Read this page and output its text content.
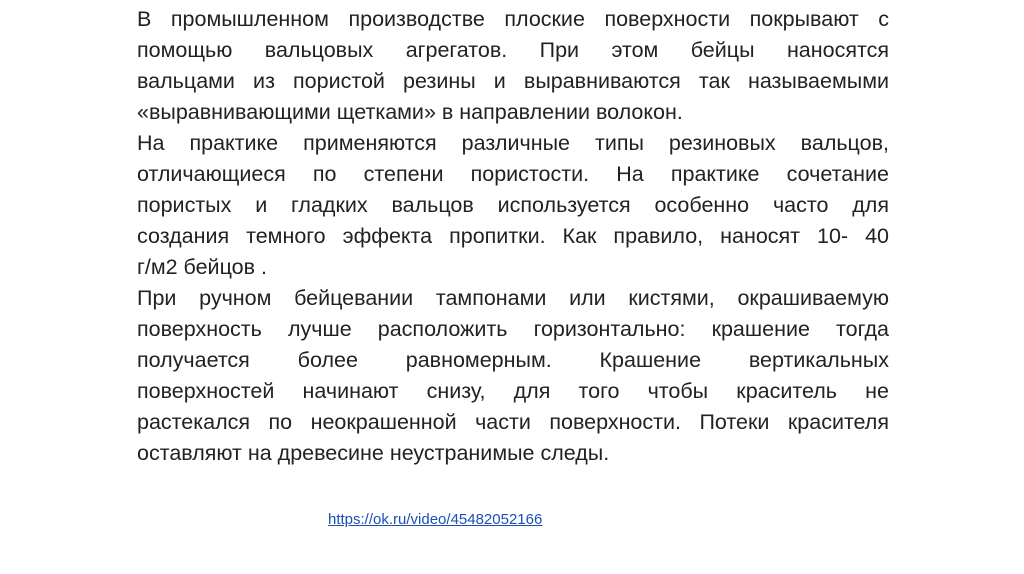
В промышленном производстве плоские поверхности покрывают с
помощью вальцовых агрегатов. При этом бейцы наносятся
вальцами из пористой резины и выравниваются так называемыми
«выравнивающими щетками» в направлении волокон.

На практике применяются различные типы резиновых вальцов,
отличающиеся по степени пористости. На практике сочетание
пористых и гладких вальцов используется особенно часто для
создания темного эффекта пропитки. Как правило, наносят 10- 40
г/м2 бейцов .

При ручном бейцевании тампонами или кистями, окрашиваемую
поверхность лучше расположить горизонтально: крашение тогда
получается более равномерным. Крашение вертикальных
поверхностей начинают снизу, для того чтобы краситель не
растекался по неокрашенной части поверхности. Потеки красителя
оставляют на древесине неустранимые следы.

https://ok.ru/video/45482052166
